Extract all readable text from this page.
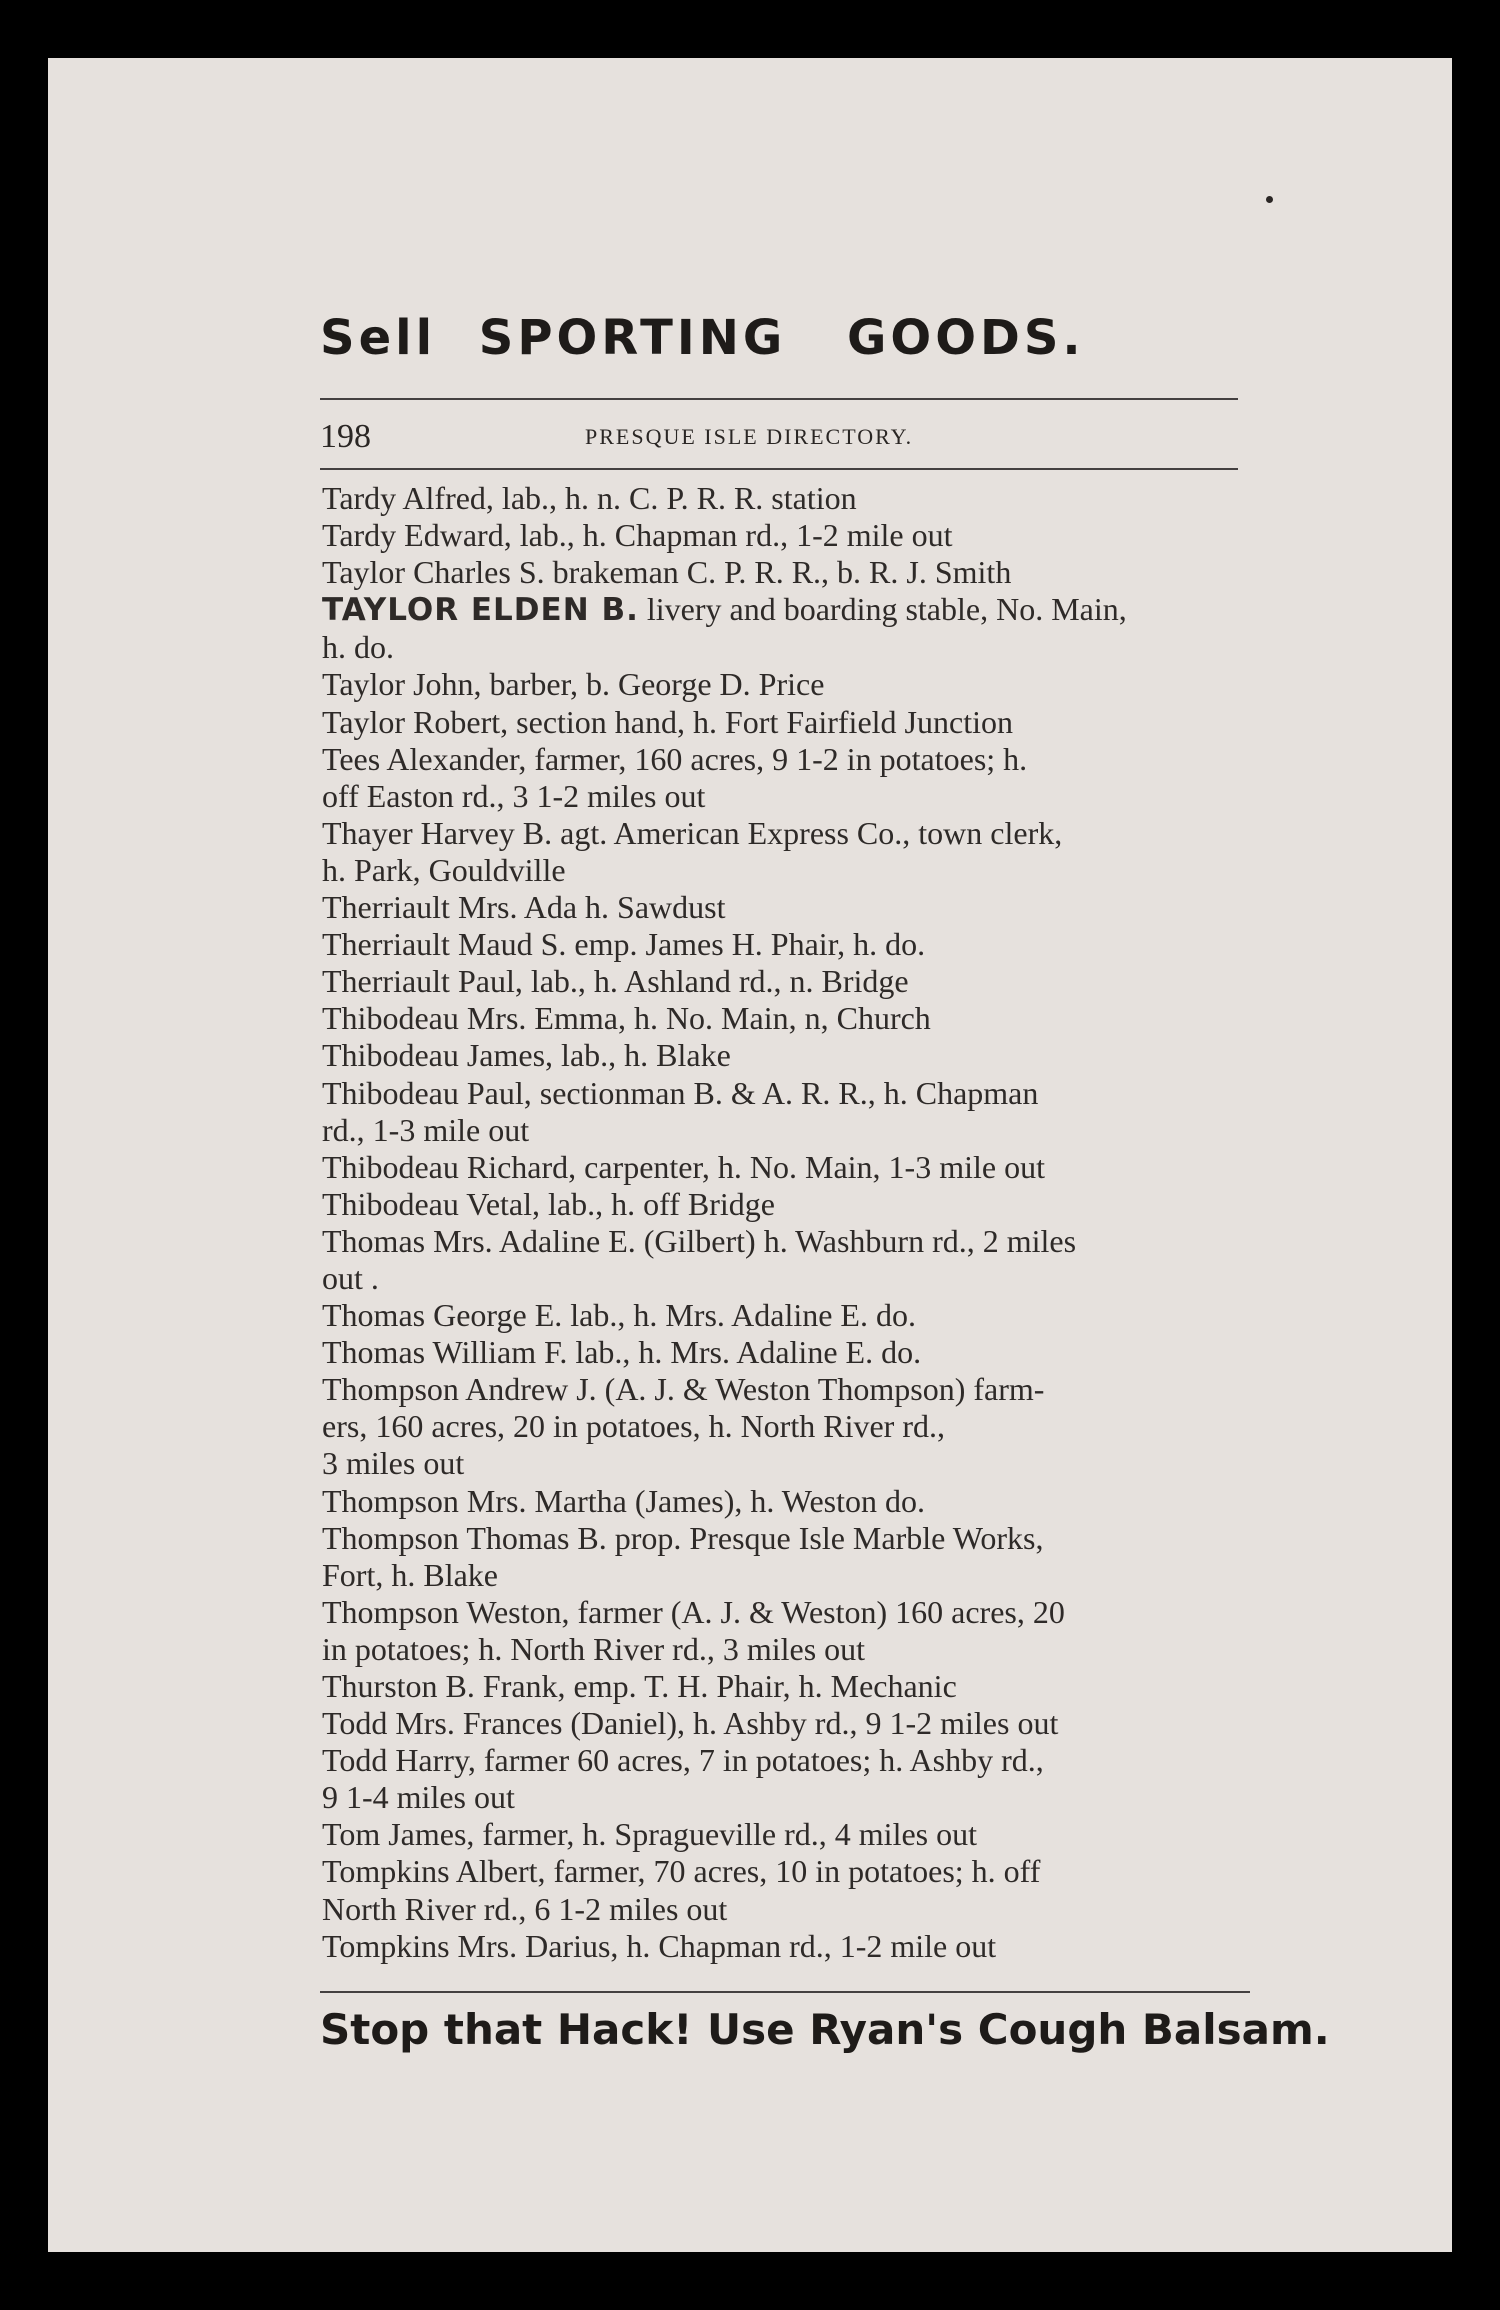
Sell SPORTING GOODS.
198	PRESQUE ISLE DIRECTORY.
Tardy Alfred, lab., h. n. C. P. R. R. station
Tardy Edward, lab., h. Chapman rd., 1-2 mile out
Taylor Charles S. brakeman C. P. R. R., b. R. J. Smith
TAYLOR ELDEN B. livery and boarding stable, No. Main,
h. do.
Taylor John, barber, b. George D. Price
Taylor Robert, section hand, h. Fort Fairfield Junction
Tees Alexander, farmer, 160 acres, 9 1-2 in potatoes; h.
off Easton rd., 3 1-2 miles out
Thayer Harvey B. agt. American Express Co., town clerk,
h. Park, Gouldville
Therriault Mrs. Ada h. Sawdust
Therriault Maud S. emp. James H. Phair, h. do.
Therriault Paul, lab., h. Ashland rd., n. Bridge
Thibodeau Mrs. Emma, h. No. Main, n, Church
Thibodeau James, lab., h. Blake
Thibodeau Paul, sectionman B. & A. R. R., h. Chapman
rd., 1-3 mile out
Thibodeau Richard, carpenter, h. No. Main, 1-3 mile out
Thibodeau Vetal, lab., h. off Bridge
Thomas Mrs. Adaline E. (Gilbert) h. Washburn rd., 2 miles
out .
Thomas George E. lab., h. Mrs. Adaline E. do.
Thomas William F. lab., h. Mrs. Adaline E. do.
Thompson Andrew J. (A. J. & Weston Thompson) farm-
ers, 160 acres, 20 in potatoes, h. North River rd.,
3 miles out
Thompson Mrs. Martha (James), h. Weston do.
Thompson Thomas B. prop. Presque Isle Marble Works,
Fort, h. Blake
Thompson Weston, farmer (A. J. & Weston) 160 acres, 20
in potatoes; h. North River rd., 3 miles out
Thurston B. Frank, emp. T. H. Phair, h. Mechanic
Todd Mrs. Frances (Daniel), h. Ashby rd., 9 1-2 miles out
Todd Harry, farmer 60 acres, 7 in potatoes; h. Ashby rd.,
9 1-4 miles out
Tom James, farmer, h. Spragueville rd., 4 miles out
Tompkins Albert, farmer, 70 acres, 10 in potatoes; h. off
North River rd., 6 1-2 miles out
Tompkins Mrs. Darius, h. Chapman rd., 1-2 mile out
Stop that Hack! Use Ryan's Cough Balsam.
